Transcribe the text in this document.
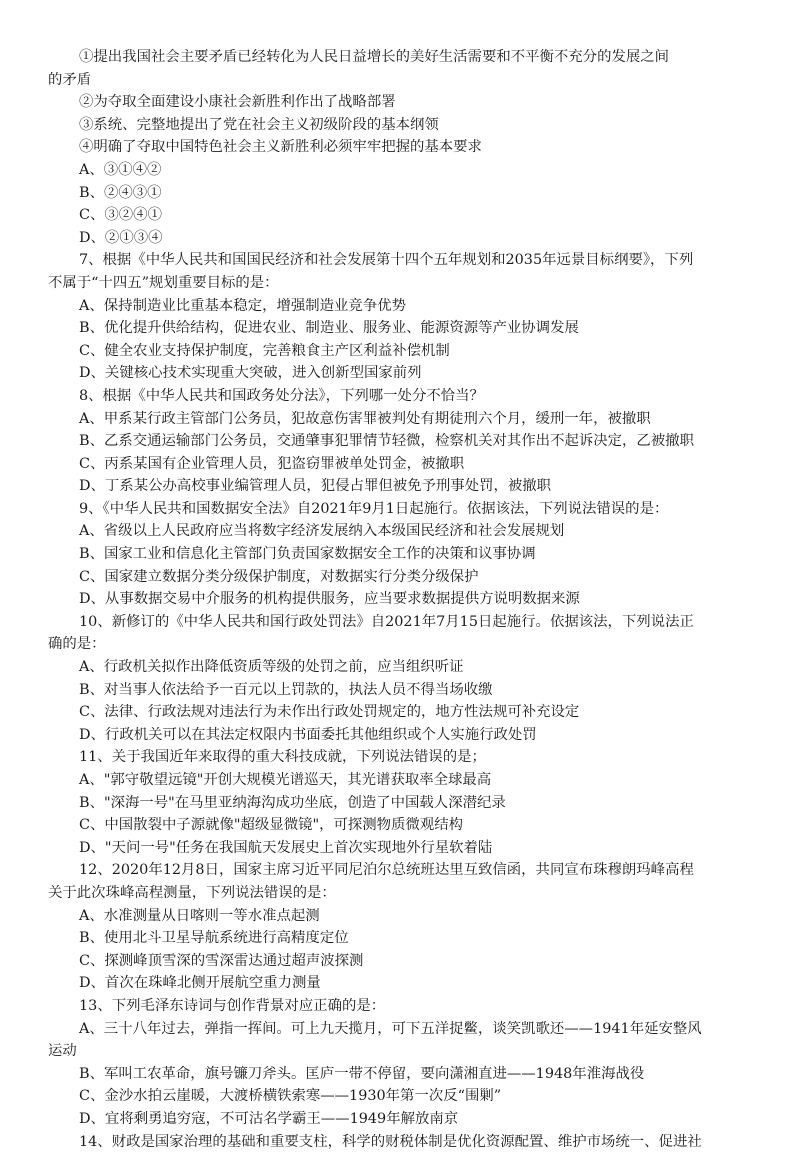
①提出我国社会主要矛盾已经转化为人民日益增长的美好生活需要和不平衡不充分的发展之间
的矛盾
②为夺取全面建设小康社会新胜利作出了战略部署
③系统、完整地提出了党在社会主义初级阶段的基本纲领
④明确了夺取中国特色社会主义新胜利必须牢牢把握的基本要求
A、③①④②
B、②④③①
C、③②④①
D、②①③④
7、根据《中华人民共和国国民经济和社会发展第十四个五年规划和2035年远景目标纲要》，下列
不属于“十四五”规划重要目标的是：
A、保持制造业比重基本稳定，增强制造业竞争优势
B、优化提升供给结构，促进农业、制造业、服务业、能源资源等产业协调发展
C、健全农业支持保护制度，完善粮食主产区利益补偿机制
D、关键核心技术实现重大突破，进入创新型国家前列
8、根据《中华人民共和国政务处分法》，下列哪一处分不恰当？
A、甲系某行政主管部门公务员，犯故意伤害罪被判处有期徒刑六个月，缓刑一年，被撤职
B、乙系交通运输部门公务员，交通肇事犯罪情节轻微，检察机关对其作出不起诉决定，乙被撤职
C、丙系某国有企业管理人员，犯盗窃罪被单处罚金，被撤职
D、丁系某公办高校事业编管理人员，犯侵占罪但被免予刑事处罚，被撤职
9、《中华人民共和国数据安全法》自2021年9月1日起施行。依据该法，下列说法错误的是：
A、省级以上人民政府应当将数字经济发展纳入本级国民经济和社会发展规划
B、国家工业和信息化主管部门负责国家数据安全工作的决策和议事协调
C、国家建立数据分类分级保护制度，对数据实行分类分级保护
D、从事数据交易中介服务的机构提供服务，应当要求数据提供方说明数据来源
10、新修订的《中华人民共和国行政处罚法》自2021年7月15日起施行。依据该法，下列说法正
确的是：
A、行政机关拟作出降低资质等级的处罚之前，应当组织听证
B、对当事人依法给予一百元以上罚款的，执法人员不得当场收缴
C、法律、行政法规对违法行为未作出行政处罚规定的，地方性法规可补充设定
D、行政机关可以在其法定权限内书面委托其他组织或个人实施行政处罚
11、关于我国近年来取得的重大科技成就，下列说法错误的是；
A、"郭守敬望远镜"开创大规模光谱巡天，其光谱获取率全球最高
B、"深海一号"在马里亚纳海沟成功坐底，创造了中国载人深潜纪录
C、中国散裂中子源就像"超级显微镜"，可探测物质微观结构
D、"天问一号"任务在我国航天发展史上首次实现地外行星软着陆
12、2020年12月8日，国家主席习近平同尼泊尔总统班达里互致信函，共同宣布珠穆朗玛峰高程
关于此次珠峰高程测量，下列说法错误的是：
A、水准测量从日喀则一等水准点起测
B、使用北斗卫星导航系统进行高精度定位
C、探测峰顶雪深的雪深雷达通过超声波探测
D、首次在珠峰北侧开展航空重力测量
13、下列毛泽东诗词与创作背景对应正确的是：
A、三十八年过去，弹指一挥间。可上九天揽月，可下五洋捉鳖，谈笑凯歌还——1941年延安整风
运动
B、军叫工农革命，旗号镰刀斧头。匡庐一带不停留，要向潇湘直进——1948年淮海战役
C、金沙水拍云崖暖，大渡桥横铁索寒——1930年第一次反“围剿”
D、宜将剩勇追穷寇，不可沽名学霸王——1949年解放南京
14、财政是国家治理的基础和重要支柱，科学的财税体制是优化资源配置、维护市场统一、促进社
